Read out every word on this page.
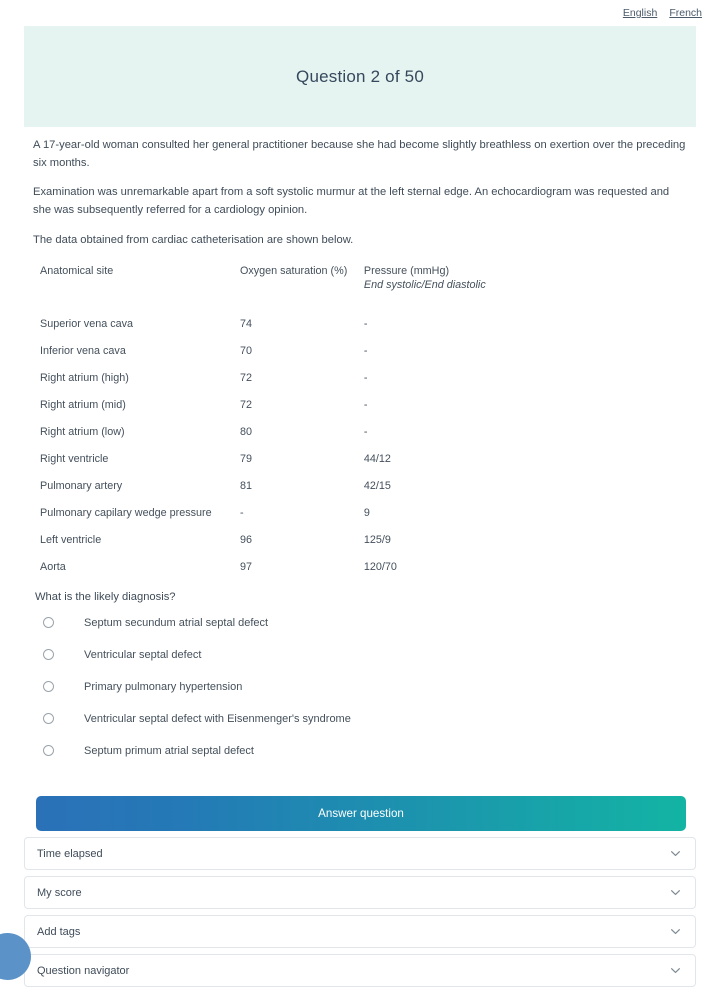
English French
Question 2 of 50

A 17-year-old woman consulted her general practitioner because she had become slightly breathless on exertion over the preceding six months.

Examination was unremarkable apart from a soft systolic murmur at the left sternal edge. An echocardiogram was requested and she was subsequently referred for a cardiology opinion.

The data obtained from cardiac catheterisation are shown below.

Anatomical site	Oxygen saturation (%)	Pressure (mmHg)
End systolic/End diastolic

Superior vena cava	74	-
Inferior vena cava	70	-
Right atrium (high)	72	-
Right atrium (mid)	72	-
Right atrium (low)	80	-
Right ventricle	79	44/12
Pulmonary artery	81	42/15
Pulmonary capilary wedge pressure	-	9
Left ventricle	96	125/9
Aorta	97	120/70
What is the likely diagnosis?
Septum secundum atrial septal defect
Ventricular septal defect
Primary pulmonary hypertension
Ventricular septal defect with Eisenmenger's syndrome
Septum primum atrial septal defect
Answer question
Time elapsed
My score
Add tags
Question navigator
